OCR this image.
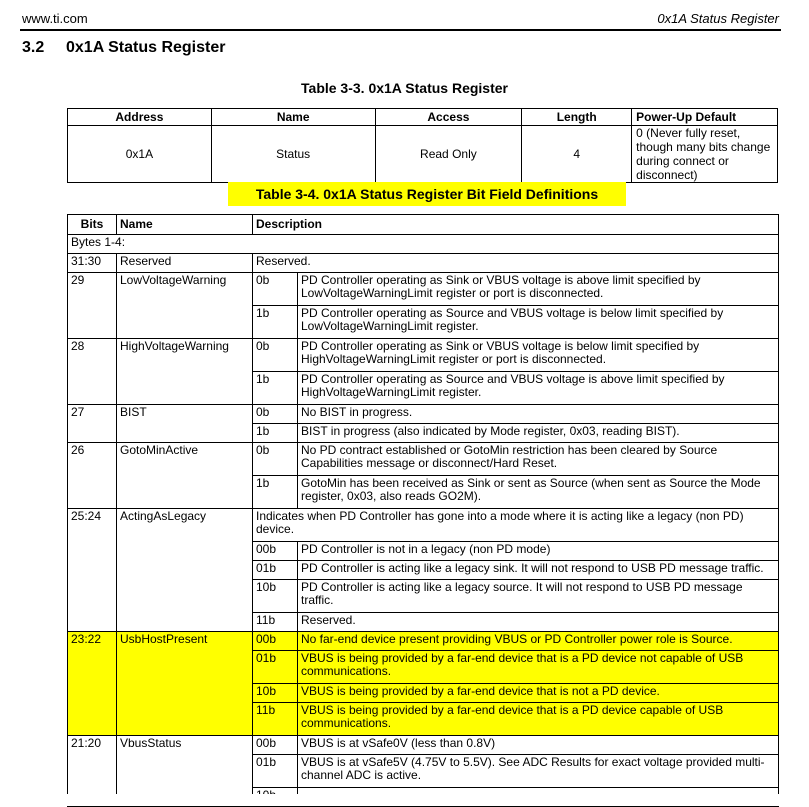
www.ti.com	0x1A Status Register
3.2 0x1A Status Register
Table 3-3. 0x1A Status Register
Address	Name	Access	Length	Power-Up Default
0x1A	Status	Read Only	4	0 (Never fully reset, though many bits change during connect or disconnect)
Table 3-4. 0x1A Status Register Bit Field Definitions
Bits	Name	Description	
Bytes 1-4:			
31:30	Reserved	Reserved.	
29	LowVoltageWarning	0b	PD Controller operating as Sink or VBUS voltage is above limit specified by LowVoltageWarningLimit register or port is disconnected.
		1b	PD Controller operating as Source and VBUS voltage is below limit specified by LowVoltageWarningLimit register.
28	HighVoltageWarning	0b	PD Controller operating as Sink or VBUS voltage is below limit specified by HighVoltageWarningLimit register or port is disconnected.
		1b	PD Controller operating as Source and VBUS voltage is above limit specified by HighVoltageWarningLimit register.
27	BIST	0b	No BIST in progress.
		1b	BIST in progress (also indicated by Mode register, 0x03, reading BIST).
26	GotoMinActive	0b	No PD contract established or GotoMin restriction has been cleared by Source Capabilities message or disconnect/Hard Reset.
		1b	GotoMin has been received as Sink or sent as Source (when sent as Source the Mode register, 0x03, also reads GO2M).
25:24	ActingAsLegacy	Indicates when PD Controller has gone into a mode where it is acting like a legacy (non PD) device.	
		00b	PD Controller is not in a legacy (non PD mode)
		01b	PD Controller is acting like a legacy sink. It will not respond to USB PD message traffic.
		10b	PD Controller is acting like a legacy source. It will not respond to USB PD message traffic.
		11b	Reserved.
23:22	UsbHostPresent	00b	No far-end device present providing VBUS or PD Controller power role is Source.
		01b	VBUS is being provided by a far-end device that is a PD device not capable of USB communications.
		10b	VBUS is being provided by a far-end device that is not a PD device.
		11b	VBUS is being provided by a far-end device that is a PD device capable of USB communications.
21:20	VbusStatus	00b	VBUS is at vSafe0V (less than 0.8V)
		01b	VBUS is at vSafe5V (4.75V to 5.5V). See ADC Results for exact voltage provided multi-channel ADC is active.
